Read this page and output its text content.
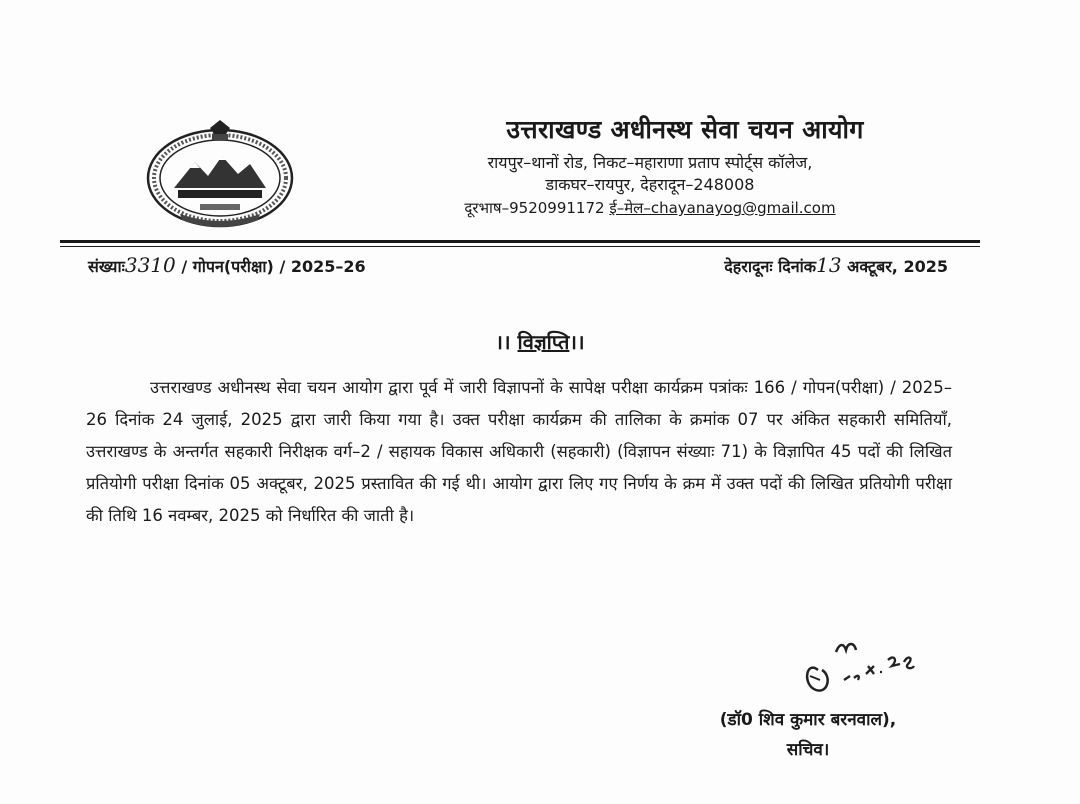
उत्तराखण्ड अधीनस्थ सेवा चयन आयोग
रायपुर–थानों रोड, निकट–महाराणा प्रताप स्पोर्ट्स कॉलेज,
डाकघर–रायपुर, देहरादून–248008
दूरभाष–9520991172 ई–मेल–chayanayog@gmail.com
संख्याः3310 / गोपन(परीक्षा) / 2025–26	देहरादूनः दिनांक13 अक्टूबर, 2025
।। विज्ञप्ति।।
उत्तराखण्ड अधीनस्थ सेवा चयन आयोग द्वारा पूर्व में जारी विज्ञापनों के सापेक्ष परीक्षा कार्यक्रम पत्रांकः 166 / गोपन(परीक्षा) / 2025–26 दिनांक 24 जुलाई, 2025 द्वारा जारी किया गया है। उक्त परीक्षा कार्यक्रम की तालिका के क्रमांक 07 पर अंकित सहकारी समितियाँ, उत्तराखण्ड के अन्तर्गत सहकारी निरीक्षक वर्ग–2 / सहायक विकास अधिकारी (सहकारी) (विज्ञापन संख्याः 71) के विज्ञापित 45 पदों की लिखित प्रतियोगी परीक्षा दिनांक 05 अक्टूबर, 2025 प्रस्तावित की गई थी। आयोग द्वारा लिए गए निर्णय के क्रम में उक्त पदों की लिखित प्रतियोगी परीक्षा की तिथि 16 नवम्बर, 2025 को निर्धारित की जाती है।
(डॉ0 शिव कुमार बरनवाल),
सचिव।
